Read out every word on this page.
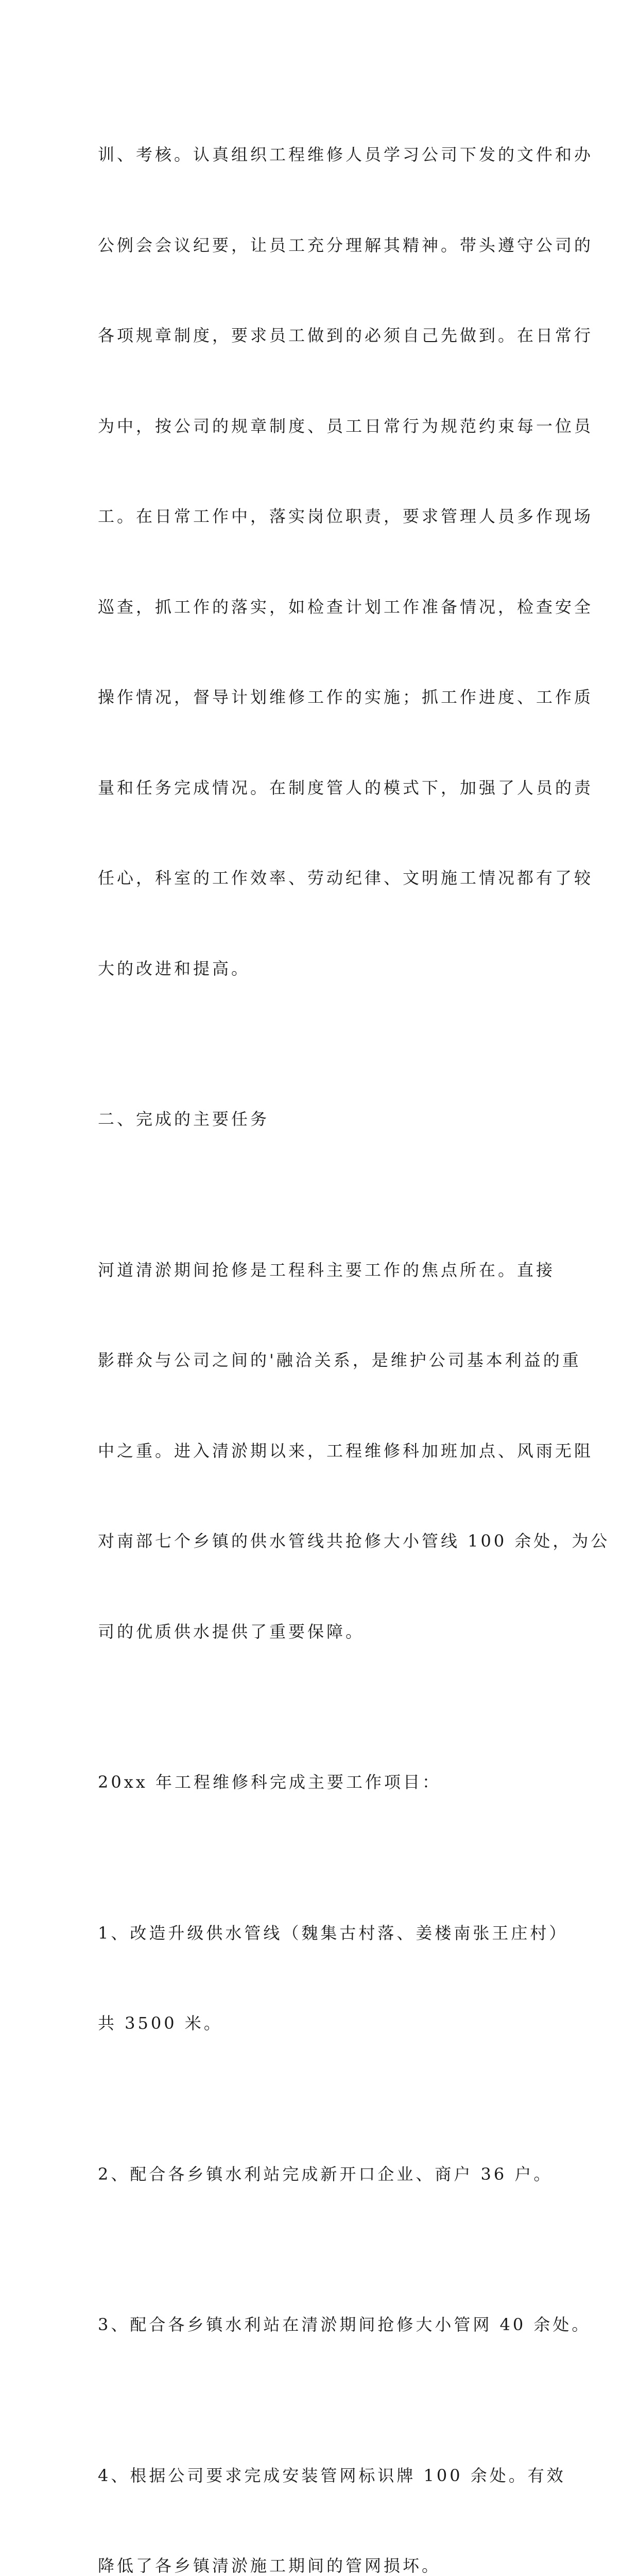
训、考核。认真组织工程维修人员学习公司下发的文件和办

公例会会议纪要，让员工充分理解其精神。带头遵守公司的

各项规章制度，要求员工做到的必须自己先做到。在日常行

为中，按公司的规章制度、员工日常行为规范约束每一位员

工。在日常工作中，落实岗位职责，要求管理人员多作现场

巡查，抓工作的落实，如检查计划工作准备情况，检查安全

操作情况，督导计划维修工作的实施；抓工作进度、工作质

量和任务完成情况。在制度管人的模式下，加强了人员的责

任心，科室的工作效率、劳动纪律、文明施工情况都有了较

大的改进和提高。

二、完成的主要任务

河道清淤期间抢修是工程科主要工作的焦点所在。直接

影群众与公司之间的'融洽关系，是维护公司基本利益的重

中之重。进入清淤期以来，工程维修科加班加点、风雨无阻

对南部七个乡镇的供水管线共抢修大小管线 100 余处，为公

司的优质供水提供了重要保障。

20xx 年工程维修科完成主要工作项目：

1、改造升级供水管线（魏集古村落、姜楼南张王庄村）

共 3500 米。

2、配合各乡镇水利站完成新开口企业、商户 36 户。

3、配合各乡镇水利站在清淤期间抢修大小管网 40 余处。

4、根据公司要求完成安装管网标识牌 100 余处。有效

降低了各乡镇清淤施工期间的管网损坏。
